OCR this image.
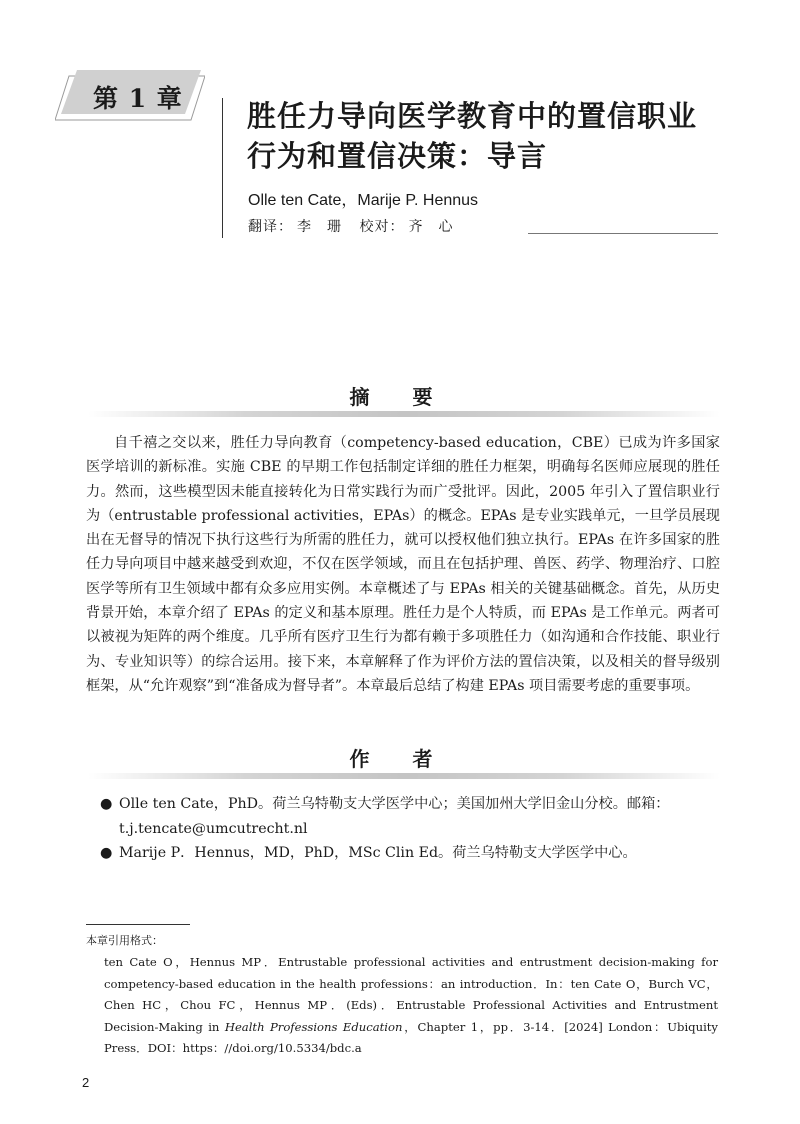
第 1 章
胜任力导向医学教育中的置信职业
行为和置信决策：导言
Olle ten Cate，Marije P. Hennus
翻译： 李　珊 校对： 齐　心
摘 要

自千禧之交以来，胜任力导向教育（competency-based education，CBE）已成为许多国家医学培训的新标准。实施 CBE 的早期工作包括制定详细的胜任力框架，明确每名医师应展现的胜任力。然而，这些模型因未能直接转化为日常实践行为而广受批评。因此，2005 年引入了置信职业行为（entrustable professional activities，EPAs）的概念。EPAs 是专业实践单元，一旦学员展现出在无督导的情况下执行这些行为所需的胜任力，就可以授权他们独立执行。EPAs 在许多国家的胜任力导向项目中越来越受到欢迎，不仅在医学领域，而且在包括护理、兽医、药学、物理治疗、口腔医学等所有卫生领域中都有众多应用实例。本章概述了与 EPAs 相关的关键基础概念。首先，从历史背景开始，本章介绍了 EPAs 的定义和基本原理。胜任力是个人特质，而 EPAs 是工作单元。两者可以被视为矩阵的两个维度。几乎所有医疗卫生行为都有赖于多项胜任力（如沟通和合作技能、职业行为、专业知识等）的综合运用。接下来，本章解释了作为评价方法的置信决策，以及相关的督导级别框架，从“允许观察”到“准备成为督导者”。本章最后总结了构建 EPAs 项目需要考虑的重要事项。

作 者
● Olle ten Cate，PhD。荷兰乌特勒支大学医学中心；美国加州大学旧金山分校。邮箱：
t.j.tencate@umcutrecht.nl
● Marije P．Hennus，MD，PhD，MSc Clin Ed。荷兰乌特勒支大学医学中心。
本章引用格式：

ten Cate O，Hennus MP．Entrustable professional activities and entrustment decision-making for competency-based education in the health professions：an introduction．In：ten Cate O，Burch VC，Chen HC，Chou FC，Hennus MP．(Eds)．Entrustable Professional Activities and Entrustment Decision-Making in Health Professions Education，Chapter 1，pp．3-14．[2024] London：Ubiquity Press．DOI：https：//doi.org/10.5334/bdc.a

2
